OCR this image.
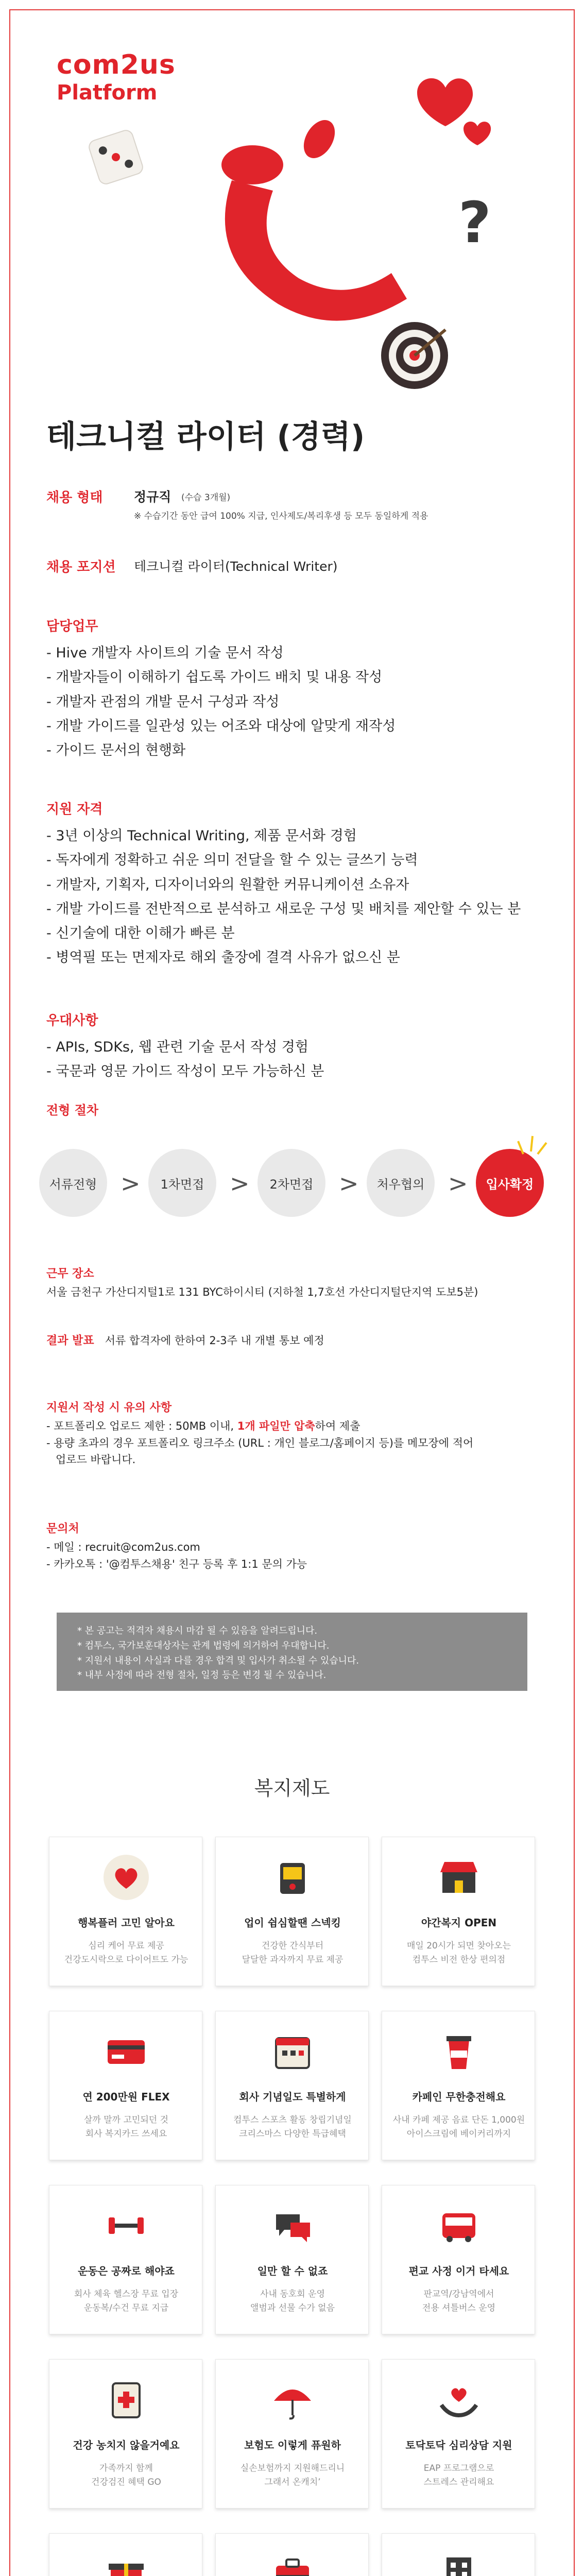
com2us
Platform
?
테크니컬 라이터 (경력)
채용 형태 정규직 (수습 3개월)
※ 수습기간 동안 급여 100% 지급, 인사제도/복리후생 등 모두 동일하게 적용
채용 포지션 테크니컬 라이터(Technical Writer)
담당업무
- Hive 개발자 사이트의 기술 문서 작성
- 개발자들이 이해하기 쉽도록 가이드 배치 및 내용 작성
- 개발자 관점의 개발 문서 구성과 작성
- 개발 가이드를 일관성 있는 어조와 대상에 알맞게 재작성
- 가이드 문서의 현행화
지원 자격
- 3년 이상의 Technical Writing, 제품 문서화 경험
- 독자에게 정확하고 쉬운 의미 전달을 할 수 있는 글쓰기 능력
- 개발자, 기획자, 디자이너와의 원활한 커뮤니케이션 소유자
- 개발 가이드를 전반적으로 분석하고 새로운 구성 및 배치를 제안할 수 있는 분
- 신기술에 대한 이해가 빠른 분
- 병역필 또는 면제자로 해외 출장에 결격 사유가 없으신 분
우대사항
- APIs, SDKs, 웹 관련 기술 문서 작성 경험
- 국문과 영문 가이드 작성이 모두 가능하신 분
전형 절차
서류전형 >	1차면접	>	2차면접	>	처우협의 >	입사확정
근무 장소
서울 금천구 가산디지털1로 131 BYC하이시티 (지하철 1,7호선 가산디지털단지역 도보5분)
결과 발표 서류 합격자에 한하여 2-3주 내 개별 통보 예정
지원서 작성 시 유의 사항
- 포트폴리오 업로드 제한 : 50MB 이내, 1개 파일만 압축하여 제출
- 용량 초과의 경우 포트폴리오 링크주소 (URL : 개인 블로그/홈페이지 등)를 메모장에 적어
업로드 바랍니다.
문의처
- 메일 : recruit@com2us.com
- 카카오톡 : '@컴투스채용' 친구 등록 후 1:1 문의 가능

* 본 공고는 적격자 채용시 마감 될 수 있음을 알려드립니다.

* 컴투스, 국가보훈대상자는 관계 법령에 의거하여 우대합니다.

* 지원서 내용이 사실과 다를 경우 합격 및 입사가 취소될 수 있습니다.

* 내부 사정에 따라 전형 절차, 일정 등은 변경 될 수 있습니다.

복지제도
행복플러 고민 알아요
심리 케어 무료 제공
건강도시락으로 다이어트도 가능
업이 쉼심할땐 스넥킹
건강한 간식부터
달달한 과자까지 무료 제공
야간복지 OPEN
매일 20시가 되면 찾아오는
컴투스 비전 한상 편의점
연 200만원 FLEX
살까 말까 고민되던 것
회사 복지카드 쓰세요
회사 기념일도 특별하게
컴투스 스포츠 활동 창립기념일
크리스마스 다양한 특급혜택
카페인 무한충전해요
사내 카페 제공 음료 단돈 1,000원
아이스크림에 베이커리까지
운동은 공짜로 해야죠
회사 체육 헬스장 무료 입장
운동복/수건 무료 지급
일만 할 수 없죠
사내 동호회 운영
앨범과 선물 수가 없음
편교 사정 이거 타세요
판교역/강남역에서
전용 셔틀버스 운영
건강 농치지 않을거예요
가족까지 함께
건강검진 혜택 GO
보험도 이렇게 퓨원하
실손보험까지 지원해드리니
그래서 온캐치’
토닥토닥 심리상담 지원
EAP 프로그램으로
스트레스 관리해요
